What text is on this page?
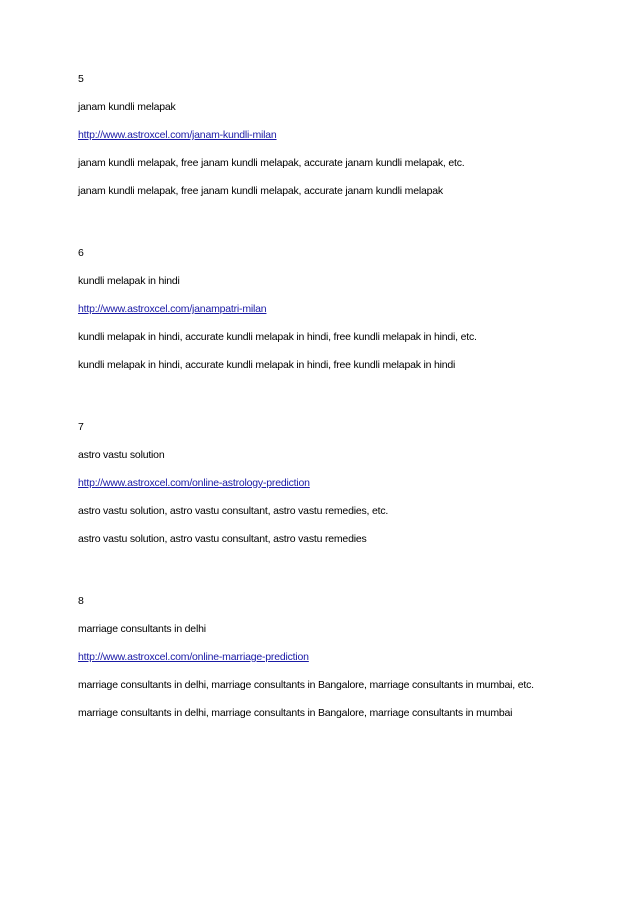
5

janam kundli melapak

http://www.astroxcel.com/janam-kundli-milan

janam kundli melapak, free janam kundli melapak, accurate janam kundli melapak, etc.

janam kundli melapak, free janam kundli melapak, accurate janam kundli melapak

6

kundli melapak in hindi

http://www.astroxcel.com/janampatri-milan

kundli melapak in hindi, accurate kundli melapak in hindi, free kundli melapak in hindi, etc.

kundli melapak in hindi, accurate kundli melapak in hindi, free kundli melapak in hindi

7

astro vastu solution

http://www.astroxcel.com/online-astrology-prediction

astro vastu solution, astro vastu consultant, astro vastu remedies, etc.

astro vastu solution, astro vastu consultant, astro vastu remedies

8

marriage consultants in delhi

http://www.astroxcel.com/online-marriage-prediction

marriage consultants in delhi, marriage consultants in Bangalore, marriage consultants in mumbai, etc.

marriage consultants in delhi, marriage consultants in Bangalore, marriage consultants in mumbai
